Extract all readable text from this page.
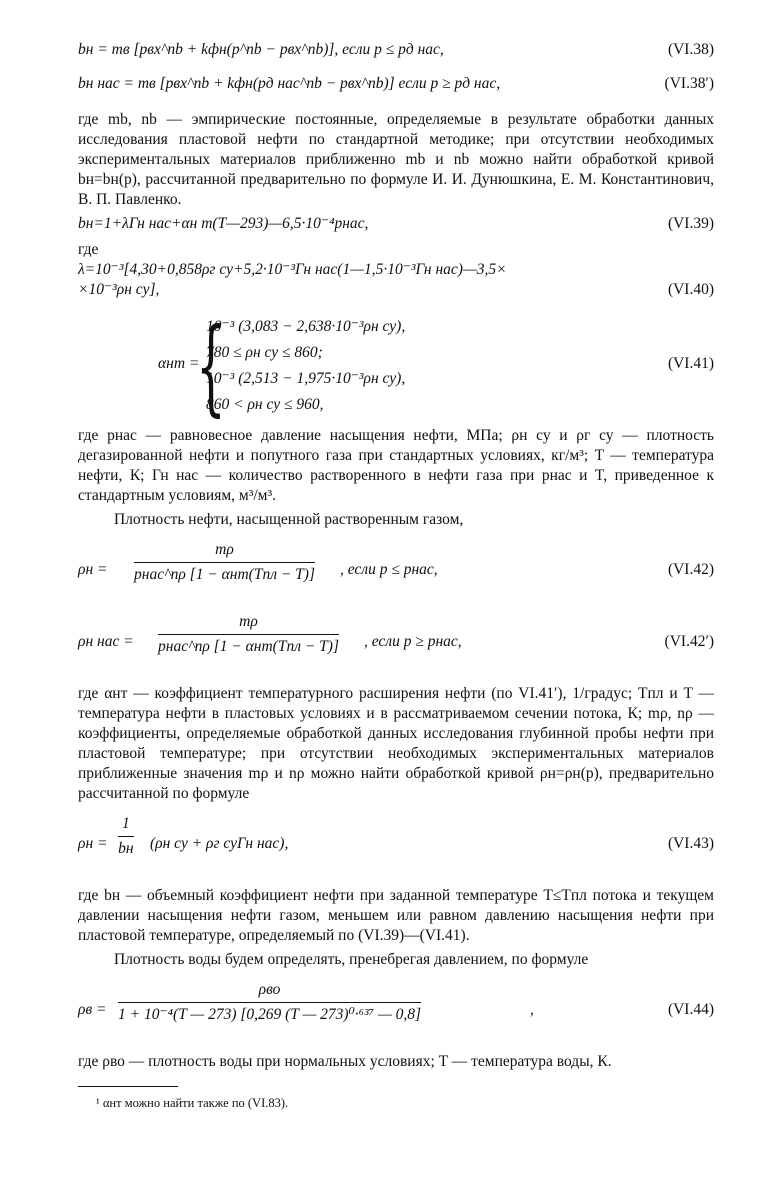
bн = mв [pвх^nb + kфн(p^nb − pвх^nb)], если p ≤ pд нас,	(VI.38)
bн нас = mв [pвх^nb + kфн(pд нас^nb − pвх^nb)] если p ≥ pд нас,	(VI.38′)

где mb, nb — эмпирические постоянные, определяемые в результате обработки данных исследования пластовой нефти по стандартной методике; при отсутствии необходимых экспериментальных материалов приближенно mb и nb можно найти обработкой кривой bн=bн(p), рассчитанной предварительно по формуле И. И. Дунюшкина, Е. М. Константинович, В. П. Павленко.

bн=1+λГн нас+αн т(T—293)—6,5·10⁻⁴pнас,	(VI.39)
где
λ=10⁻³[4,30+0,858ρг су+5,2·10⁻³Гн нас(1—1,5·10⁻³Гн нас)—3,5×
×10⁻³ρн су],	(VI.40)
αнт =
{
10⁻³ (3,083 − 2,638·10⁻³ρн су),
780 ≤ ρн су ≤ 860;
10⁻³ (2,513 − 1,975·10⁻³ρн су),
860 < ρн су ≤ 960,
(VI.41)

где pнас — равновесное давление насыщения нефти, МПа; ρн су и ρг су — плотность дегазированной нефти и попутного газа при стандартных условиях, кг/м³; T — температура нефти, К; Гн нас — количество растворенного в нефти газа при pнас и T, приведенное к стандартным условиям, м³/м³.

Плотность нефти, насыщенной растворенным газом,

ρн =
mρ
pнас^nρ [1 − αнт(Tпл − T)] , если p ≤ pнас,	(VI.42)
ρн нас =
mρ
pнас^nρ [1 − αнт(Tпл − T)] , если p ≥ pнас,	(VI.42′)

где αнт — коэффициент температурного расширения нефти (по VI.41′), 1/градус; Tпл и T — температура нефти в пластовых условиях и в рассматриваемом сечении потока, К; mρ, nρ — коэффициенты, определяемые обработкой данных исследования глубинной пробы нефти при пластовой температуре; при отсутствии необходимых экспериментальных материалов приближенные значения mρ и nρ можно найти обработкой кривой ρн=ρн(p), предварительно рассчитанной по формуле

ρн =
1
bн (ρн су + ρг суГн нас),	(VI.43)

где bн — объемный коэффициент нефти при заданной температуре T≤Tпл потока и текущем давлении насыщения нефти газом, меньшем или равном давлению насыщения нефти при пластовой температуре, определяемый по (VI.39)—(VI.41).

Плотность воды будем определять, пренебрегая давлением, по формуле

ρв =
ρво
1 + 10⁻⁴(T — 273) [0,269 (T — 273)⁰·⁶³⁷ — 0,8]	,	(VI.44)

где ρво — плотность воды при нормальных условиях; T — температура воды, К.

¹ αнт можно найти также по (VI.83).
